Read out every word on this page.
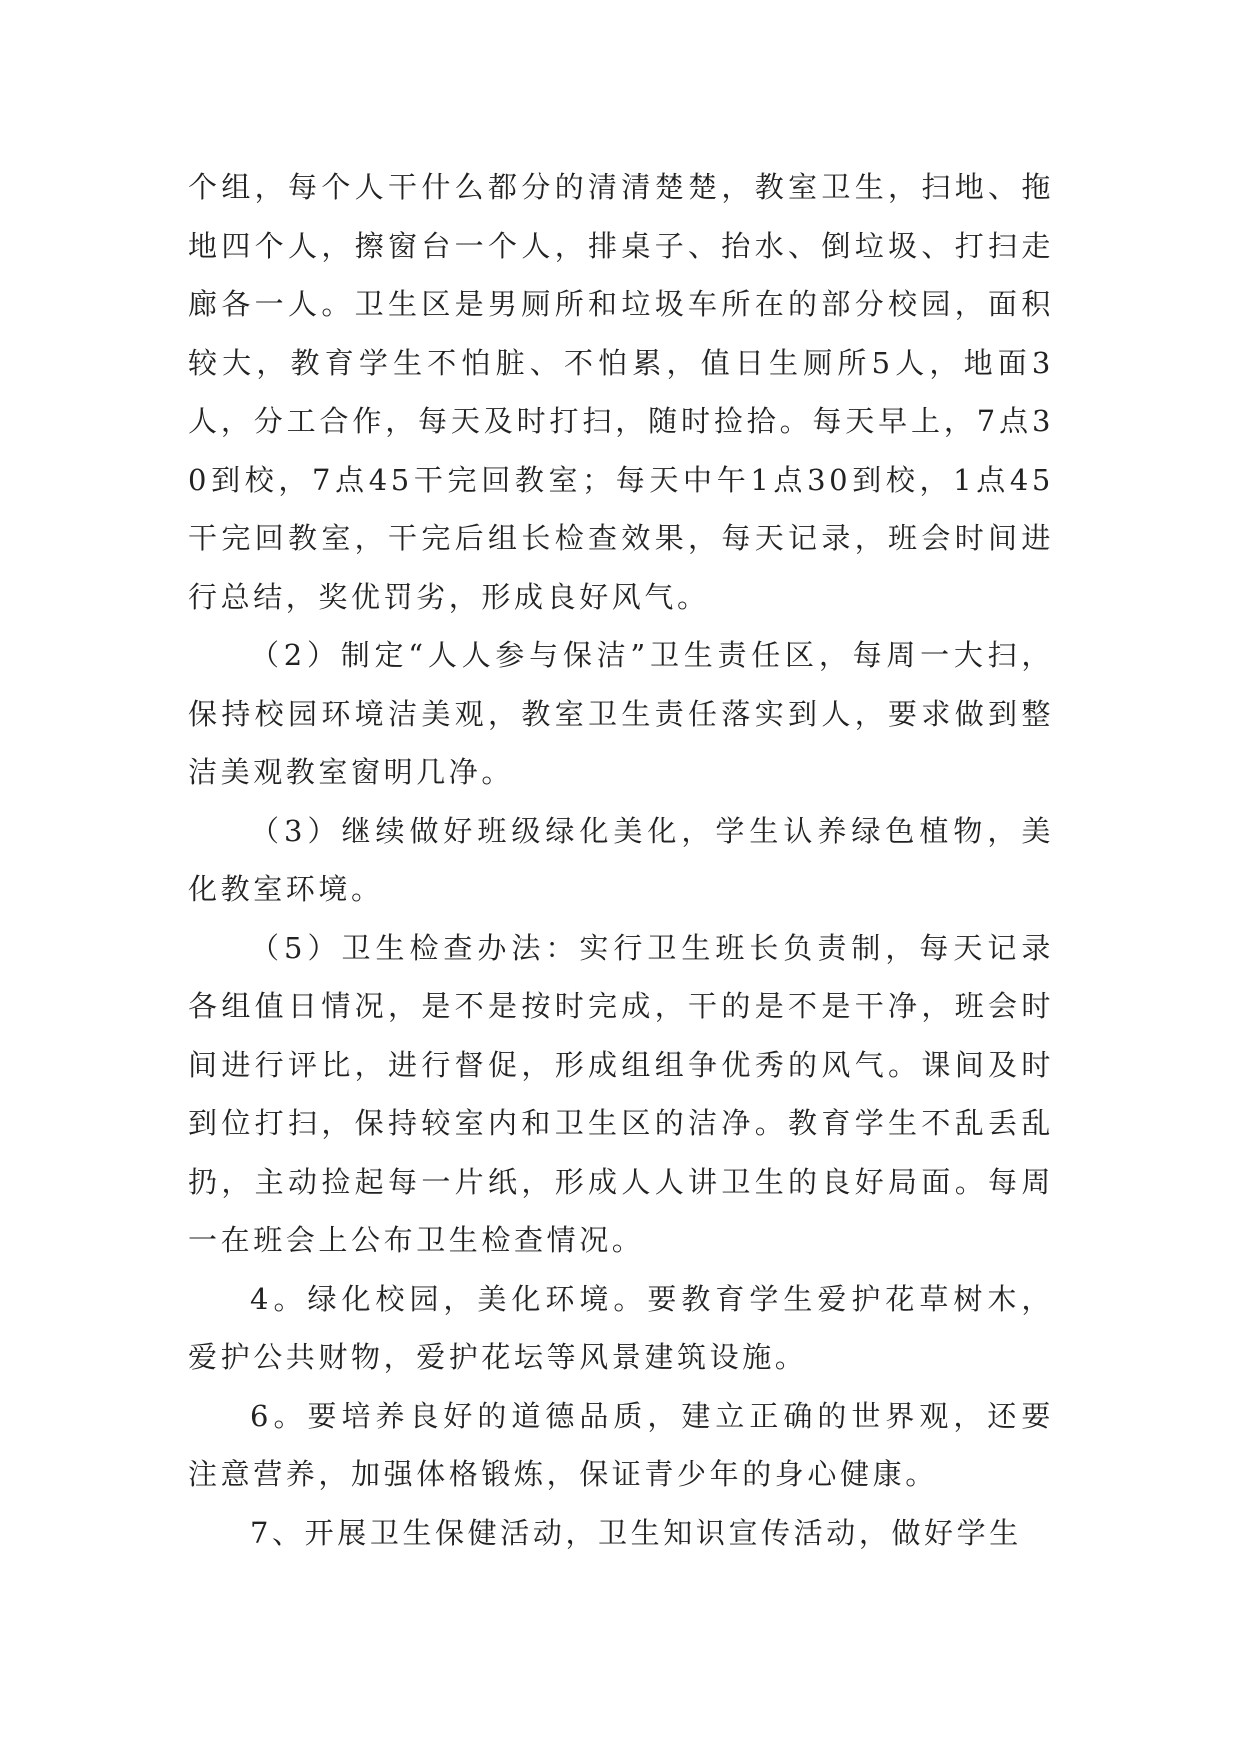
个组，每个人干什么都分的清清楚楚，教室卫生，扫地、拖地四个人，擦窗台一个人，排桌子、抬水、倒垃圾、打扫走廊各一人。卫生区是男厕所和垃圾车所在的部分校园，面积较大，教育学生不怕脏、不怕累，值日生厕所5人，地面3人，分工合作，每天及时打扫，随时捡拾。每天早上，7点30到校，7点45干完回教室；每天中午1点30到校，1点45干完回教室，干完后组长检查效果，每天记录，班会时间进行总结，奖优罚劣，形成良好风气。

（2）制定“人人参与保洁”卫生责任区，每周一大扫，保持校园环境洁美观，教室卫生责任落实到人，要求做到整洁美观教室窗明几净。

（3）继续做好班级绿化美化，学生认养绿色植物，美化教室环境。

（5）卫生检查办法：实行卫生班长负责制，每天记录各组值日情况，是不是按时完成，干的是不是干净，班会时间进行评比，进行督促，形成组组争优秀的风气。课间及时到位打扫，保持较室内和卫生区的洁净。教育学生不乱丢乱扔，主动捡起每一片纸，形成人人讲卫生的良好局面。每周一在班会上公布卫生检查情况。

4。绿化校园，美化环境。要教育学生爱护花草树木，爱护公共财物，爱护花坛等风景建筑设施。

6。要培养良好的道德品质，建立正确的世界观，还要注意营养，加强体格锻炼，保证青少年的身心健康。

7、开展卫生保健活动，卫生知识宣传活动，做好学生
